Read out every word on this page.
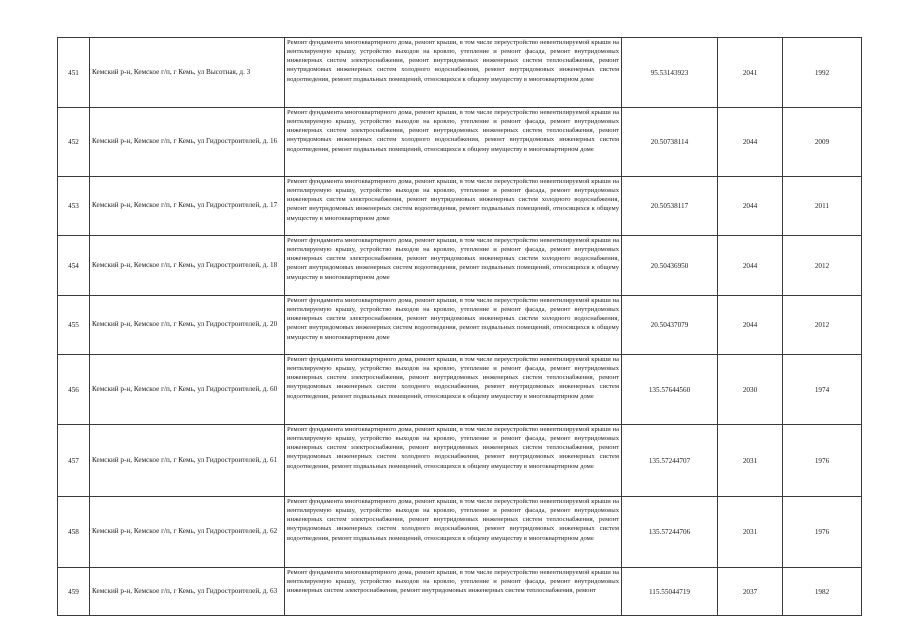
451	Кемский р-н, Кемское г/п, г Кемь, ул Высотная, д. 3	Ремонт фундамента многоквартирного дома, ремонт крыши, в том числе переустройство невентилируемой крыши на вентилируемую крышу, устройство выходов на кровлю, утепление и ремонт фасада, ремонт внутридомовых инженерных систем электроснабжения, ремонт внутридомовых инженерных систем теплоснабжения, ремонт внутридомовых инженерных систем холодного водоснабжения, ремонт внутридомовых инженерных систем водоотведения, ремонт подвальных помещений, относящихся к общему имуществу в многоквартирном доме	95.53143923	2041	1992
452	Кемский р-н, Кемское г/п, г Кемь, ул Гидростроителей, д. 16	Ремонт фундамента многоквартирного дома, ремонт крыши, в том числе переустройство невентилируемой крыши на вентилируемую крышу, устройство выходов на кровлю, утепление и ремонт фасада, ремонт внутридомовых инженерных систем электроснабжения, ремонт внутридомовых инженерных систем теплоснабжения, ремонт внутридомовых инженерных систем холодного водоснабжения, ремонт внутридомовых инженерных систем водоотведения, ремонт подвальных помещений, относящихся к общему имуществу в многоквартирном доме	20.50738114	2044	2009
453	Кемский р-н, Кемское г/п, г Кемь, ул Гидростроителей, д. 17	Ремонт фундамента многоквартирного дома, ремонт крыши, в том числе переустройство невентилируемой крыши на вентилируемую крышу, устройство выходов на кровлю, утепление и ремонт фасада, ремонт внутридомовых инженерных систем электроснабжения, ремонт внутридомовых инженерных систем холодного водоснабжения, ремонт внутридомовых инженерных систем водоотведения, ремонт подвальных помещений, относящихся к общему имуществу в многоквартирном доме	20.50538117	2044	2011
454	Кемский р-н, Кемское г/п, г Кемь, ул Гидростроителей, д. 18	Ремонт фундамента многоквартирного дома, ремонт крыши, в том числе переустройство невентилируемой крыши на вентилируемую крышу, устройство выходов на кровлю, утепление и ремонт фасада, ремонт внутридомовых инженерных систем электроснабжения, ремонт внутридомовых инженерных систем холодного водоснабжения, ремонт внутридомовых инженерных систем водоотведения, ремонт подвальных помещений, относящихся к общему имуществу в многоквартирном доме	20.50436950	2044	2012
455	Кемский р-н, Кемское г/п, г Кемь, ул Гидростроителей, д. 20	Ремонт фундамента многоквартирного дома, ремонт крыши, в том числе переустройство невентилируемой крыши на вентилируемую крышу, устройство выходов на кровлю, утепление и ремонт фасада, ремонт внутридомовых инженерных систем электроснабжения, ремонт внутридомовых инженерных систем холодного водоснабжения, ремонт внутридомовых инженерных систем водоотведения, ремонт подвальных помещений, относящихся к общему имуществу в многоквартирном доме	20.50437079	2044	2012
456	Кемский р-н, Кемское г/п, г Кемь, ул Гидростроителей, д. 60	Ремонт фундамента многоквартирного дома, ремонт крыши, в том числе переустройство невентилируемой крыши на вентилируемую крышу, устройство выходов на кровлю, утепление и ремонт фасада, ремонт внутридомовых инженерных систем электроснабжения, ремонт внутридомовых инженерных систем теплоснабжения, ремонт внутридомовых инженерных систем холодного водоснабжения, ремонт внутридомовых инженерных систем водоотведения, ремонт подвальных помещений, относящихся к общему имуществу в многоквартирном доме	135.57644560	2030	1974
457	Кемский р-н, Кемское г/п, г Кемь, ул Гидростроителей, д. 61	Ремонт фундамента многоквартирного дома, ремонт крыши, в том числе переустройство невентилируемой крыши на вентилируемую крышу, устройство выходов на кровлю, утепление и ремонт фасада, ремонт внутридомовых инженерных систем электроснабжения, ремонт внутридомовых инженерных систем теплоснабжения, ремонт внутридомовых инженерных систем холодного водоснабжения, ремонт внутридомовых инженерных систем водоотведения, ремонт подвальных помещений, относящихся к общему имуществу в многоквартирном доме	135.57244707	2031	1976
458	Кемский р-н, Кемское г/п, г Кемь, ул Гидростроителей, д. 62	Ремонт фундамента многоквартирного дома, ремонт крыши, в том числе переустройство невентилируемой крыши на вентилируемую крышу, устройство выходов на кровлю, утепление и ремонт фасада, ремонт внутридомовых инженерных систем электроснабжения, ремонт внутридомовых инженерных систем теплоснабжения, ремонт внутридомовых инженерных систем холодного водоснабжения, ремонт внутридомовых инженерных систем водоотведения, ремонт подвальных помещений, относящихся к общему имуществу в многоквартирном доме	135.57244706	2031	1976
459	Кемский р-н, Кемское г/п, г Кемь, ул Гидростроителей, д. 63	Ремонт фундамента многоквартирного дома, ремонт крыши, в том числе переустройство невентилируемой крыши на вентилируемую крышу, устройство выходов на кровлю, утепление и ремонт фасада, ремонт внутридомовых инженерных систем электроснабжения, ремонт внутридомовых инженерных систем теплоснабжения, ремонт	115.55044719	2037	1982
